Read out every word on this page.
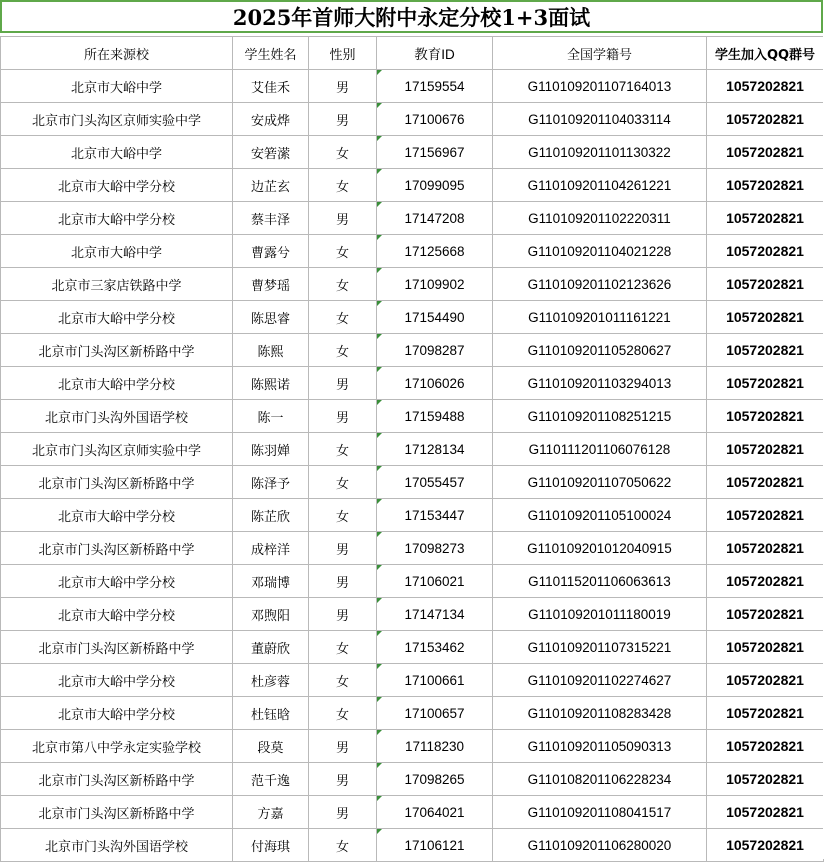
2025年首师大附中永定分校1+3面试
所在来源校	学生姓名	性别	教育ID	全国学籍号	学生加入QQ群号
北京市大峪中学	艾佳禾	男	17159554	G110109201107164013	1057202821
北京市门头沟区京师实验中学	安成烨	男	17100676	G110109201104033114	1057202821
北京市大峪中学	安箬潆	女	17156967	G110109201101130322	1057202821
北京市大峪中学分校	边芷玄	女	17099095	G110109201104261221	1057202821
北京市大峪中学分校	蔡丰泽	男	17147208	G110109201102220311	1057202821
北京市大峪中学	曹露兮	女	17125668	G110109201104021228	1057202821
北京市三家店铁路中学	曹梦瑶	女	17109902	G110109201102123626	1057202821
北京市大峪中学分校	陈思睿	女	17154490	G110109201011161221	1057202821
北京市门头沟区新桥路中学	陈熙	女	17098287	G110109201105280627	1057202821
北京市大峪中学分校	陈熙诺	男	17106026	G110109201103294013	1057202821
北京市门头沟外国语学校	陈一	男	17159488	G110109201108251215	1057202821
北京市门头沟区京师实验中学	陈羽婵	女	17128134	G110111201106076128	1057202821
北京市门头沟区新桥路中学	陈泽予	女	17055457	G110109201107050622	1057202821
北京市大峪中学分校	陈芷欣	女	17153447	G110109201105100024	1057202821
北京市门头沟区新桥路中学	成梓洋	男	17098273	G110109201012040915	1057202821
北京市大峪中学分校	邓瑞博	男	17106021	G110115201106063613	1057202821
北京市大峪中学分校	邓煦阳	男	17147134	G110109201011180019	1057202821
北京市门头沟区新桥路中学	董蔚欣	女	17153462	G110109201107315221	1057202821
北京市大峪中学分校	杜彦蓉	女	17100661	G110109201102274627	1057202821
北京市大峪中学分校	杜钰晗	女	17100657	G110109201108283428	1057202821
北京市第八中学永定实验学校	段莫	男	17118230	G110109201105090313	1057202821
北京市门头沟区新桥路中学	范千逸	男	17098265	G110108201106228234	1057202821
北京市门头沟区新桥路中学	方嘉	男	17064021	G110109201108041517	1057202821
北京市门头沟外国语学校	付海琪	女	17106121	G110109201106280020	1057202821
